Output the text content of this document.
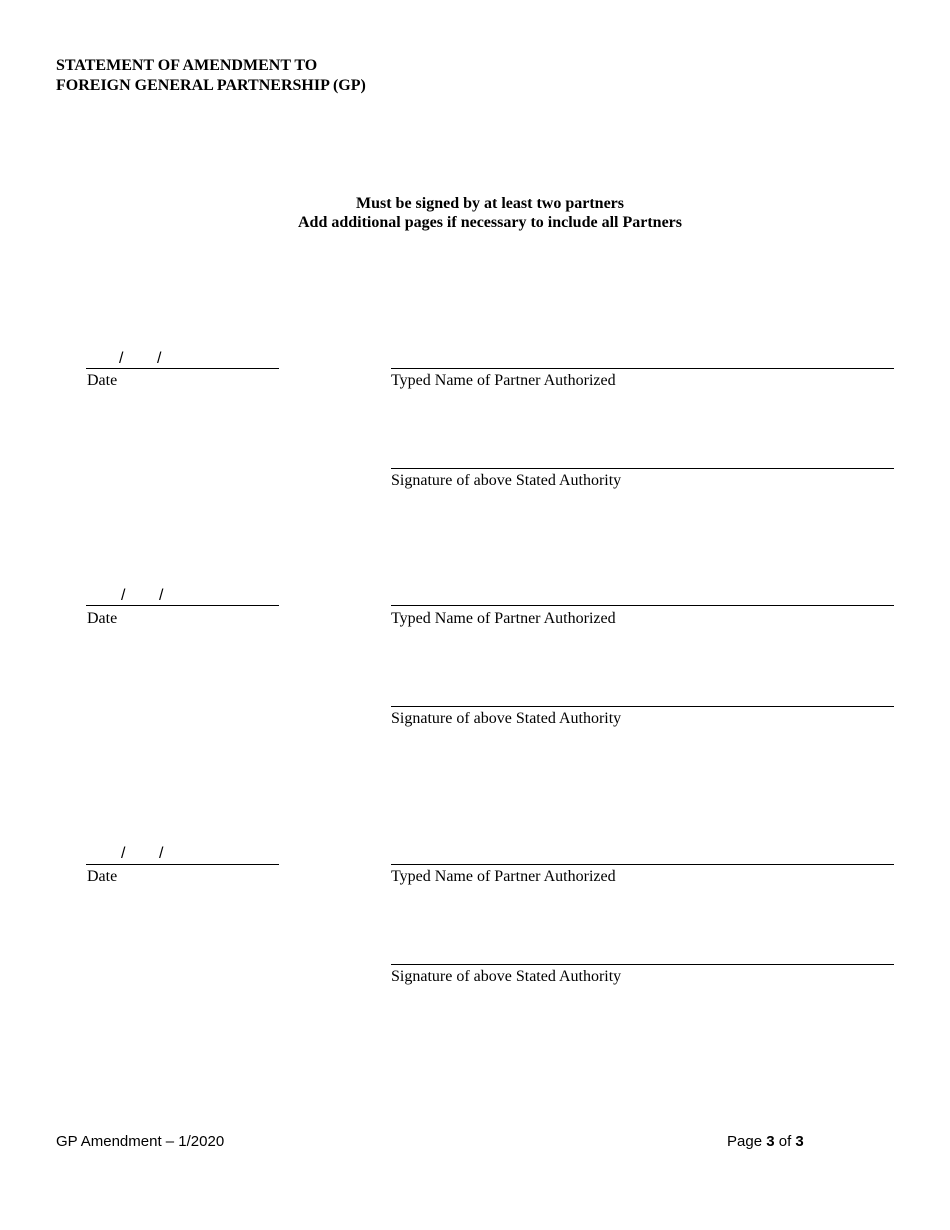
STATEMENT OF AMENDMENT TO
FOREIGN GENERAL PARTNERSHIP (GP)
Must be signed by at least two partners
Add additional pages if necessary to include all Partners
/ /
Date	Typed Name of Partner Authorized
Signature of above Stated Authority
/ /
Date	Typed Name of Partner Authorized
Signature of above Stated Authority
/ /
Date	Typed Name of Partner Authorized
Signature of above Stated Authority
GP Amendment – 1/2020	Page 3 of 3
